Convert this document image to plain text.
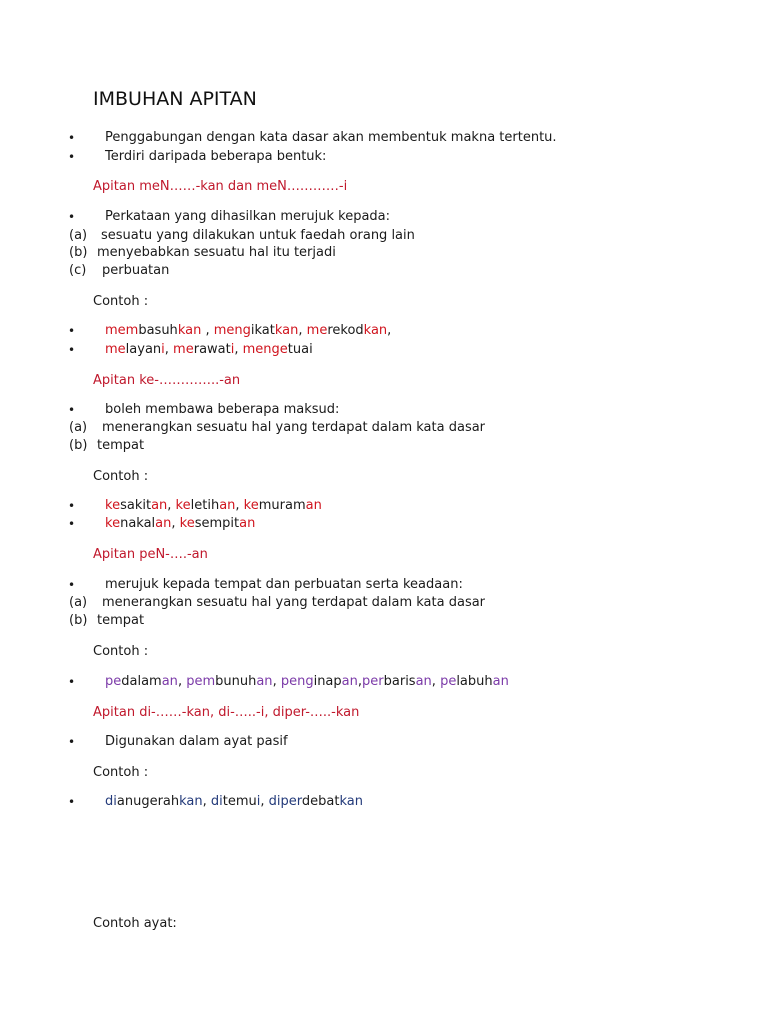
IMBUHAN APITAN
• Penggabungan dengan kata dasar akan membentuk makna tertentu.
• Terdiri daripada beberapa bentuk:
Apitan meN……-kan dan meN…………-i
• Perkataan yang dihasilkan merujuk kepada:
(a) sesuatu yang dilakukan untuk faedah orang lain
(b) menyebabkan sesuatu hal itu terjadi
(c) perbuatan
Contoh :
• membasuhkan , mengikatkan, merekodkan,
• melayani, merawati, mengetuai
Apitan ke-…………..-an
• boleh membawa beberapa maksud:
(a) menerangkan sesuatu hal yang terdapat dalam kata dasar
(b) tempat
Contoh :
• kesakitan, keletihan, kemuraman
• kenakalan, kesempitan
Apitan peN-….-an
• merujuk kepada tempat dan perbuatan serta keadaan:
(a) menerangkan sesuatu hal yang terdapat dalam kata dasar
(b) tempat
Contoh :
• pedalaman, pembunuhan, penginapan,perbarisan, pelabuhan
Apitan di-……-kan, di-…..-i, diper-…..-kan
• Digunakan dalam ayat pasif
Contoh :
• dianugerahkan, ditemui, diperdebatkan
Contoh ayat:
